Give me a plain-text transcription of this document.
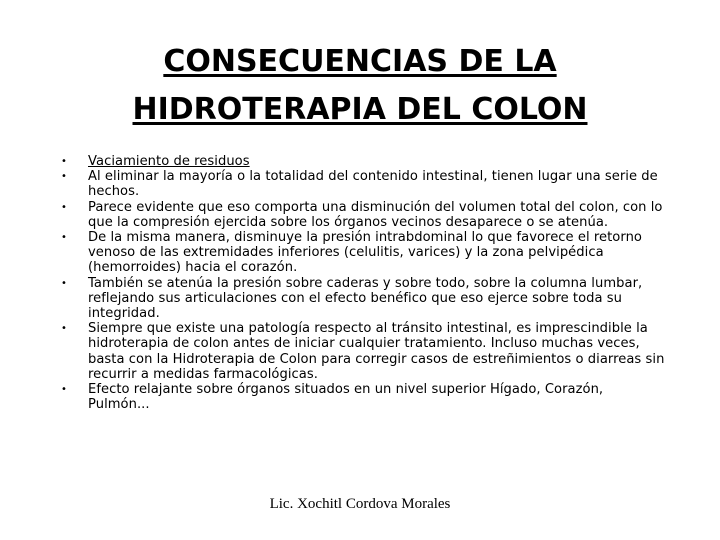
CONSECUENCIAS DE LA
HIDROTERAPIA DEL COLON
• Vaciamiento de residuos
• Al eliminar la mayoría o la totalidad del contenido intestinal, tienen lugar una serie de hechos.
• Parece evidente que eso comporta una disminución del volumen total del colon, con lo que la compresión ejercida sobre los órganos vecinos desaparece o se atenúa.
• De la misma manera, disminuye la presión intrabdominal lo que favorece el retorno venoso de las extremidades inferiores (celulitis, varices) y la zona pelvipédica (hemorroides) hacia el corazón.
• También se atenúa la presión sobre caderas y sobre todo, sobre la columna lumbar, reflejando sus articulaciones con el efecto benéfico que eso ejerce sobre toda su integridad.
• Siempre que existe una patología respecto al tránsito intestinal, es imprescindible la hidroterapia de colon antes de iniciar cualquier tratamiento. Incluso muchas veces, basta con la Hidroterapia de Colon para corregir casos de estreñimientos o diarreas sin recurrir a medidas farmacológicas.
• Efecto relajante sobre órganos situados en un nivel superior Hígado, Corazón, Pulmón...
Lic. Xochitl Cordova Morales
